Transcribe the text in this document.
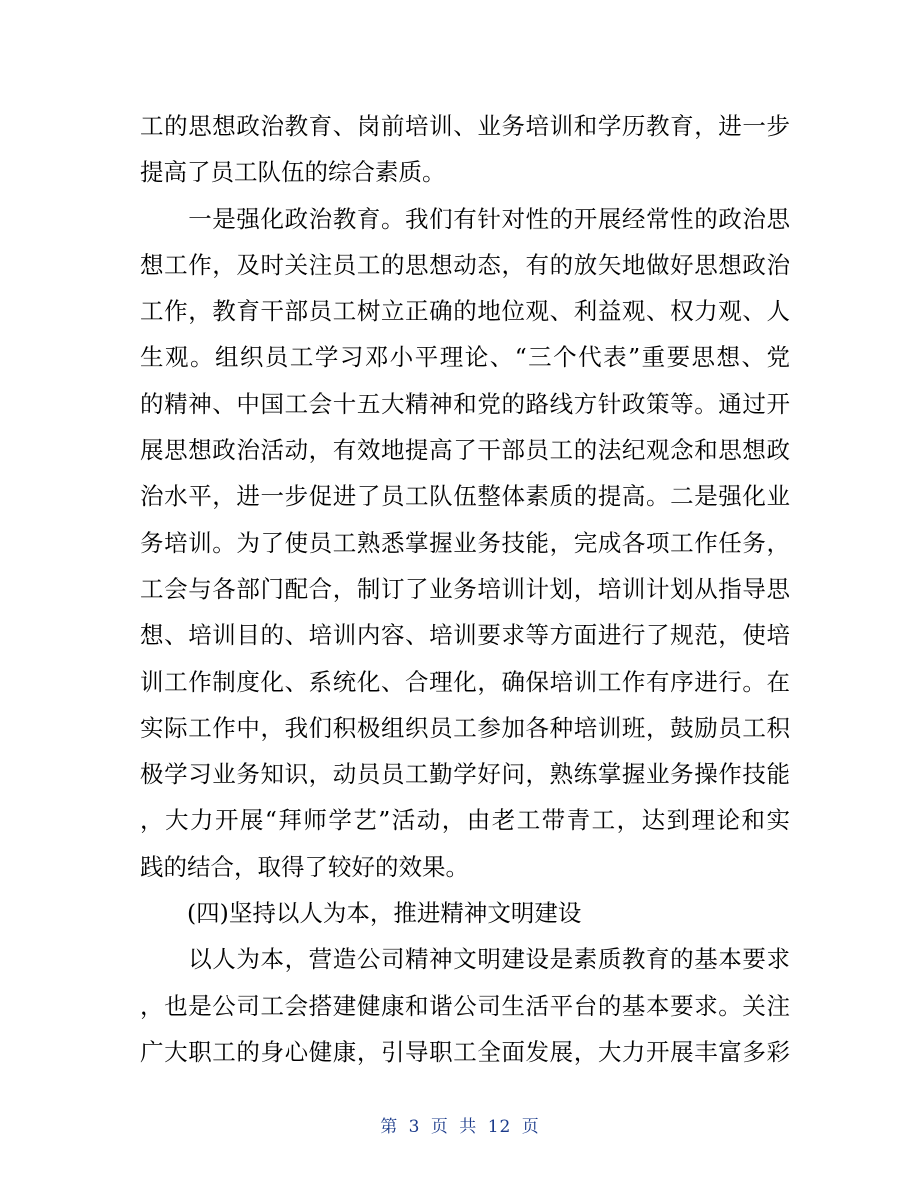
工的思想政治教育、岗前培训、业务培训和学历教育，进一步
提高了员工队伍的综合素质。
　　一是强化政治教育。我们有针对性的开展经常性的政治思
想工作，及时关注员工的思想动态，有的放矢地做好思想政治
工作，教育干部员工树立正确的地位观、利益观、权力观、人
生观。组织员工学习邓小平理论、“三个代表”重要思想、党
的精神、中国工会十五大精神和党的路线方针政策等。通过开
展思想政治活动，有效地提高了干部员工的法纪观念和思想政
治水平，进一步促进了员工队伍整体素质的提高。二是强化业
务培训。为了使员工熟悉掌握业务技能，完成各项工作任务，
工会与各部门配合，制订了业务培训计划，培训计划从指导思
想、培训目的、培训内容、培训要求等方面进行了规范，使培
训工作制度化、系统化、合理化，确保培训工作有序进行。在
实际工作中，我们积极组织员工参加各种培训班，鼓励员工积
极学习业务知识，动员员工勤学好问，熟练掌握业务操作技能
，大力开展“拜师学艺”活动，由老工带青工，达到理论和实
践的结合，取得了较好的效果。
　　(四)坚持以人为本，推进精神文明建设
　　以人为本，营造公司精神文明建设是素质教育的基本要求
，也是公司工会搭建健康和谐公司生活平台的基本要求。关注
广大职工的身心健康，引导职工全面发展，大力开展丰富多彩
第 3 页 共 12 页
